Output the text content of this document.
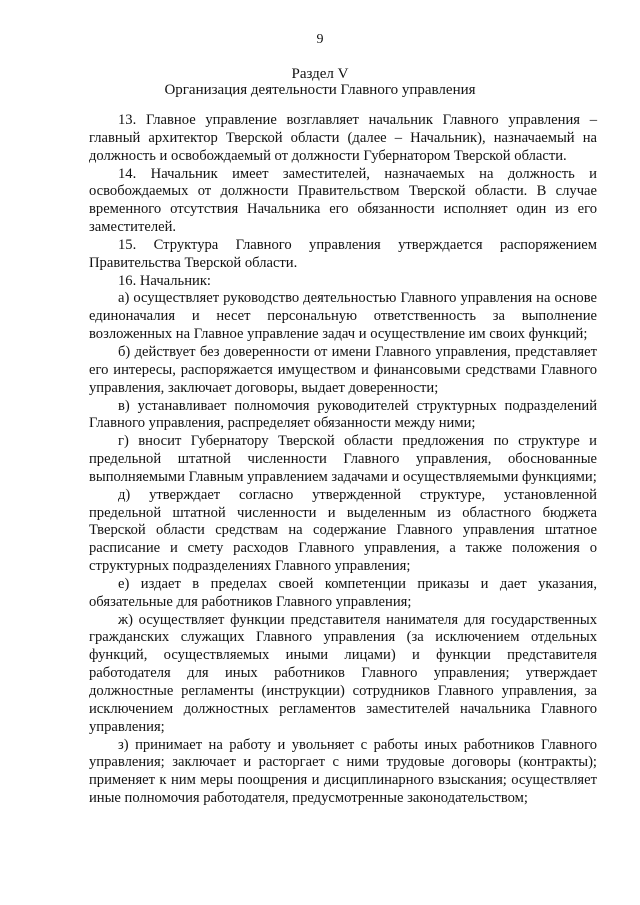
9
Раздел V
Организация деятельности Главного управления

13. Главное управление возглавляет начальник Главного управления – главный архитектор Тверской области (далее – Начальник), назначаемый на должность и освобождаемый от должности Губернатором Тверской области.

14. Начальник имеет заместителей, назначаемых на должность и освобождаемых от должности Правительством Тверской области. В случае временного отсутствия Начальника его обязанности исполняет один из его заместителей.

15. Структура Главного управления утверждается распоряжением Правительства Тверской области.

16. Начальник:

а) осуществляет руководство деятельностью Главного управления на основе единоначалия и несет персональную ответственность за выполнение возложенных на Главное управление задач и осуществление им своих функций;

б) действует без доверенности от имени Главного управления, представляет его интересы, распоряжается имуществом и финансовыми средствами Главного управления, заключает договоры, выдает доверенности;

в) устанавливает полномочия руководителей структурных подразделений Главного управления, распределяет обязанности между ними;

г) вносит Губернатору Тверской области предложения по структуре и предельной штатной численности Главного управления, обоснованные выполняемыми Главным управлением задачами и осуществляемыми функциями;

д) утверждает согласно утвержденной структуре, установленной предельной штатной численности и выделенным из областного бюджета Тверской области средствам на содержание Главного управления штатное расписание и смету расходов Главного управления, а также положения о структурных подразделениях Главного управления;

е) издает в пределах своей компетенции приказы и дает указания, обязательные для работников Главного управления;

ж) осуществляет функции представителя нанимателя для государственных гражданских служащих Главного управления (за исключением отдельных функций, осуществляемых иными лицами) и функции представителя работодателя для иных работников Главного управления; утверждает должностные регламенты (инструкции) сотрудников Главного управления, за исключением должностных регламентов заместителей начальника Главного управления;

з) принимает на работу и увольняет с работы иных работников Главного управления; заключает и расторгает с ними трудовые договоры (контракты); применяет к ним меры поощрения и дисциплинарного взыскания; осуществляет иные полномочия работодателя, предусмотренные законодательством;
